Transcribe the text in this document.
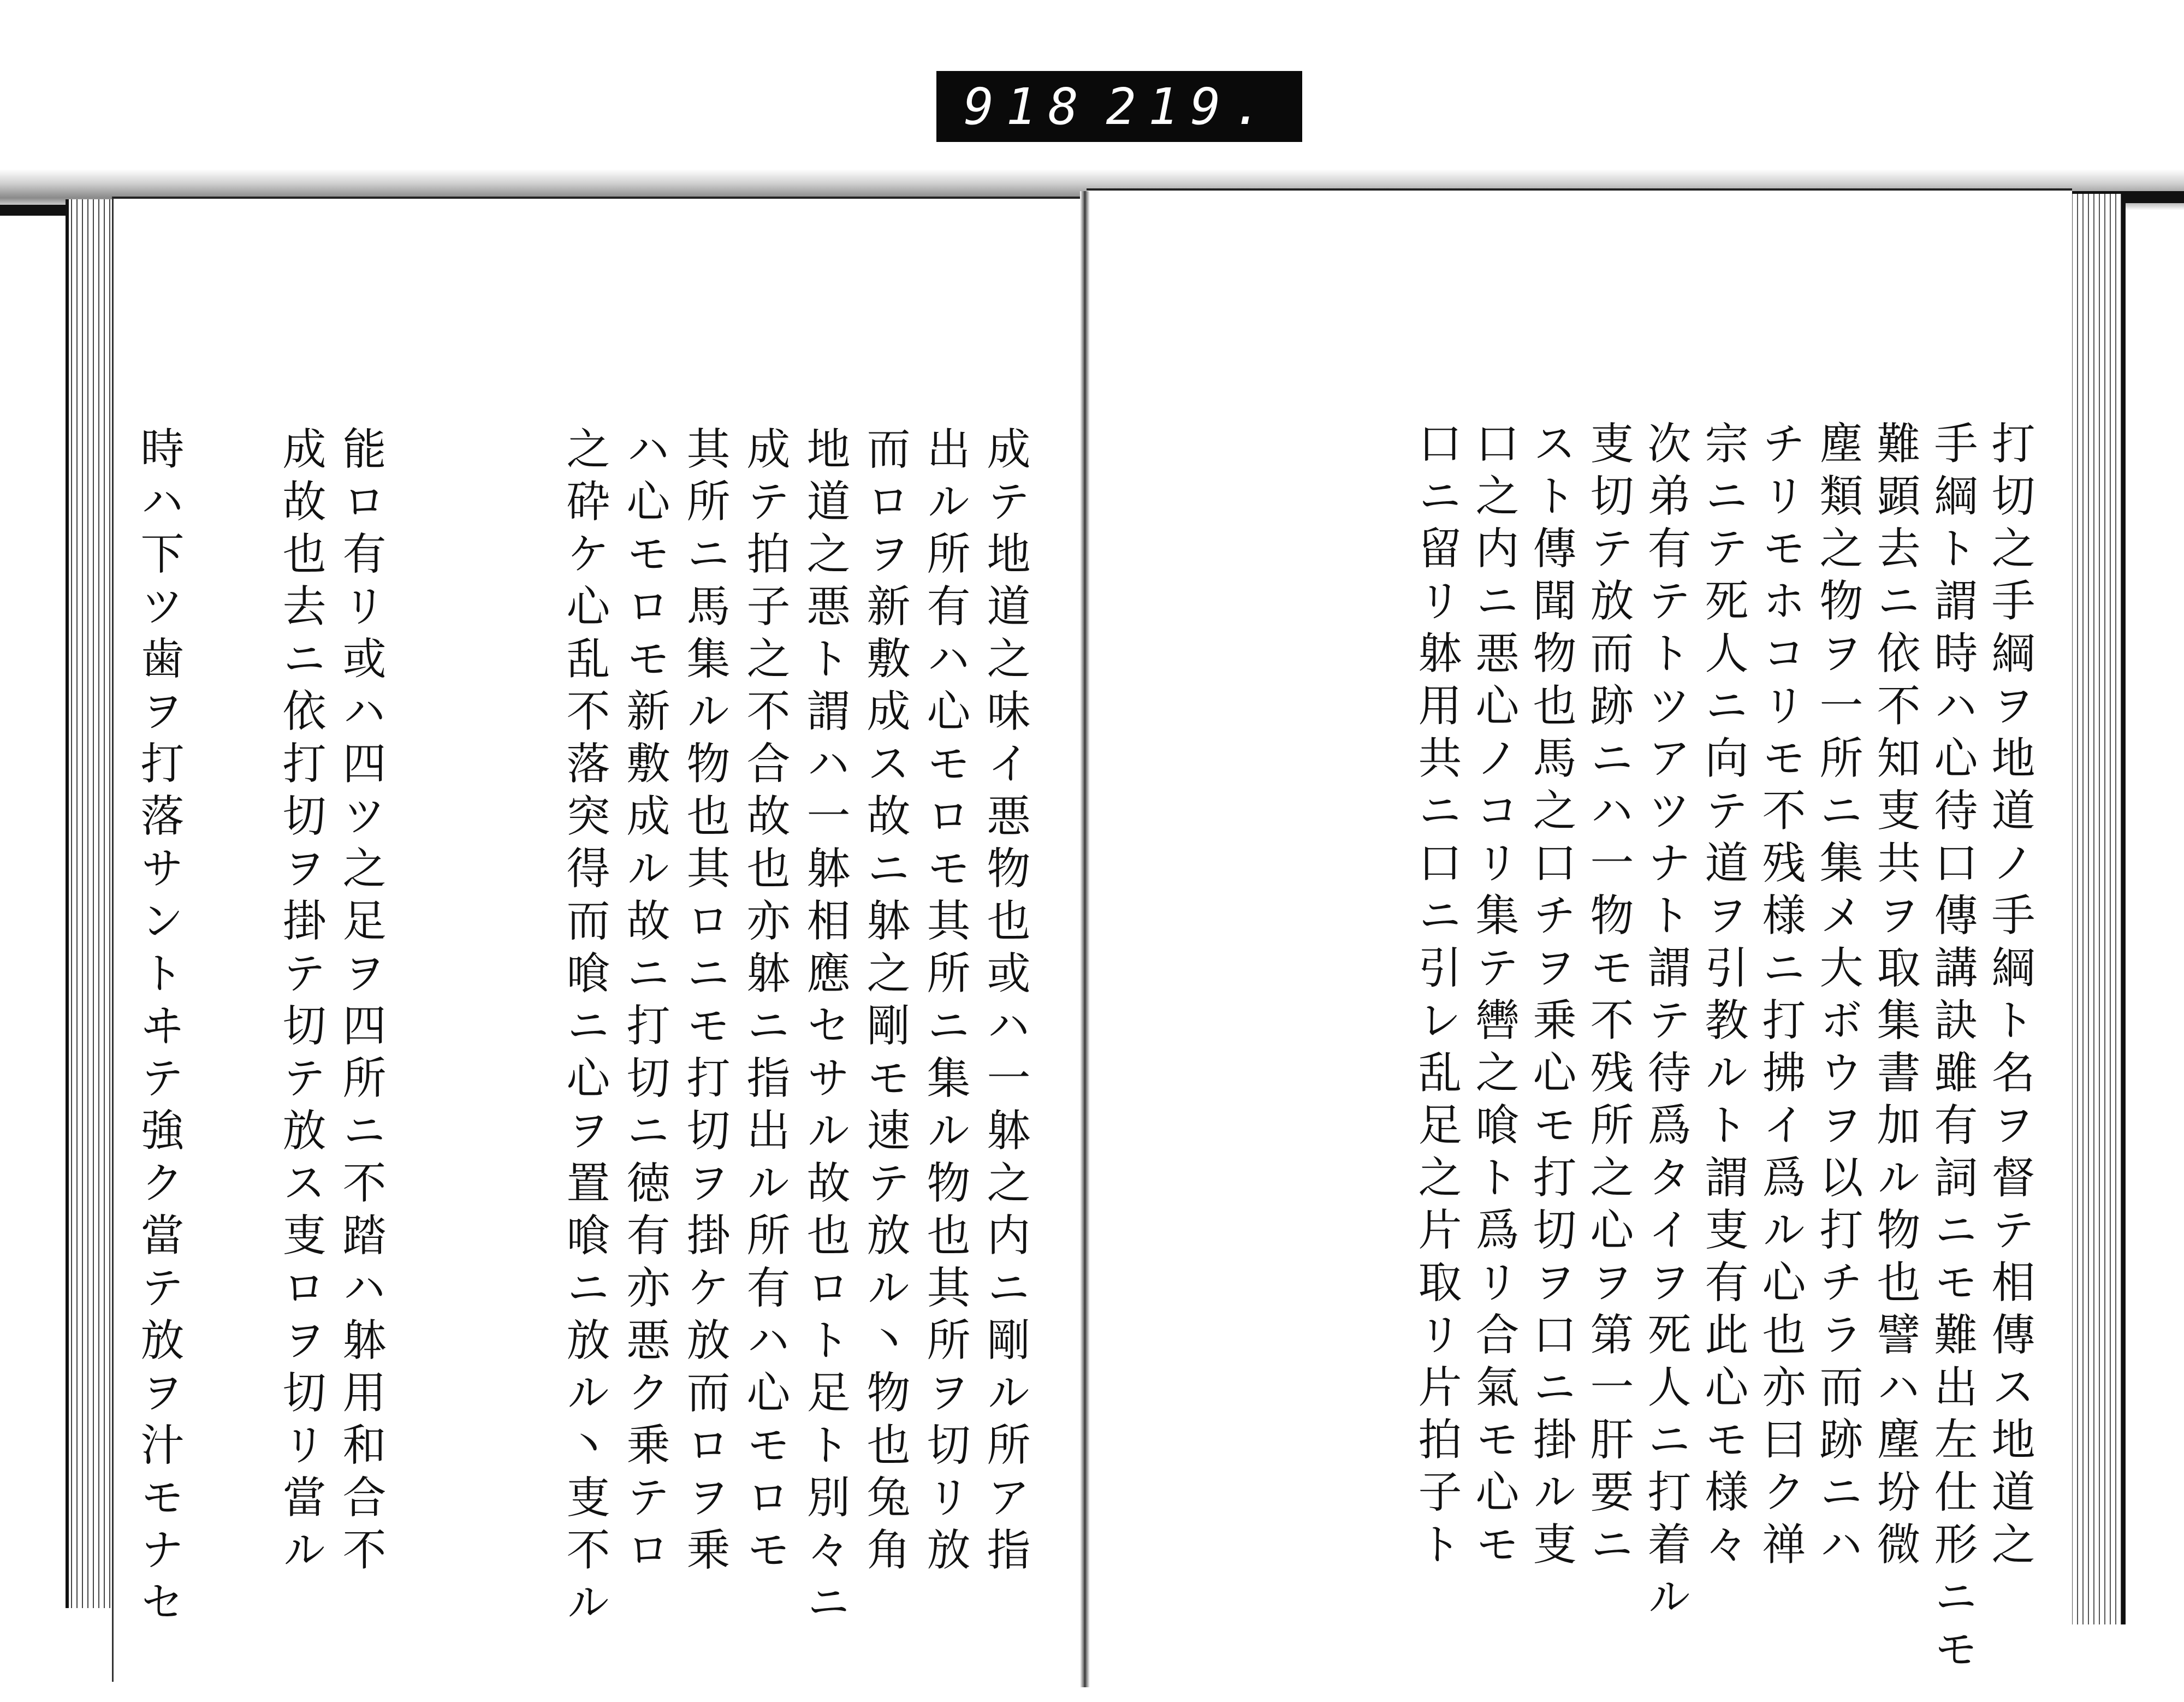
918 219.
打切之手綱ヲ地道ノ手綱ト名ヲ督テ相傳ス地道之
手綱ト謂時ハ心待口傳講訣雖有詞ニモ難出左仕形ニモ
難顕去ニ依不知叓共ヲ取集書加ル物也譬ハ塵坋微
塵類之物ヲ一所ニ集メ大ボウヲ以打チラ而跡ニハ
チリモホコリモ不残様ニ打拂イ爲ル心也亦曰ク禅
宗ニテ死人ニ向テ道ヲ引教ルト謂叓有此心モ様々
次弟有テトツアツナト謂テ待爲タイヲ死人ニ打着ル
叓切テ放而跡ニハ一物モ不残所之心ヲ第一肝要ニ
スト傳聞物也馬之口チヲ乗心モ打切ヲ口ニ掛ル叓
口之内ニ悪心ノコリ集テ轡之喰ト爲リ合氣モ心モ
口ニ留リ躰用共ニ口ニ引レ乱足之片取リ片拍子ト
成テ地道之味イ悪物也或ハ一躰之内ニ剛ル所ア指
出ル所有ハ心モロモ其所ニ集ル物也其所ヲ切リ放
而ロヲ新敷成ス故ニ躰之剛モ速テ放ル丶物也兔角
地道之悪ト謂ハ一躰相應セサル故也ロト足ト別々ニ
成テ拍子之不合故也亦躰ニ指出ル所有ハ心モロモ
其所ニ馬集ル物也其ロニモ打切ヲ掛ケ放而ロヲ乗
ハ心モロモ新敷成ル故ニ打切ニ徳有亦悪ク乗テロ
之砕ケ心乱不落突得而喰ニ心ヲ置喰ニ放ル丶叓不ル
能ロ有リ或ハ四ツ之足ヲ四所ニ不踏ハ躰用和合不
成故也去ニ依打切ヲ掛テ切テ放ス叓ロヲ切リ當ル
時ハ下ツ歯ヲ打落サントヰテ強ク當テ放ヲ汁モナセ
